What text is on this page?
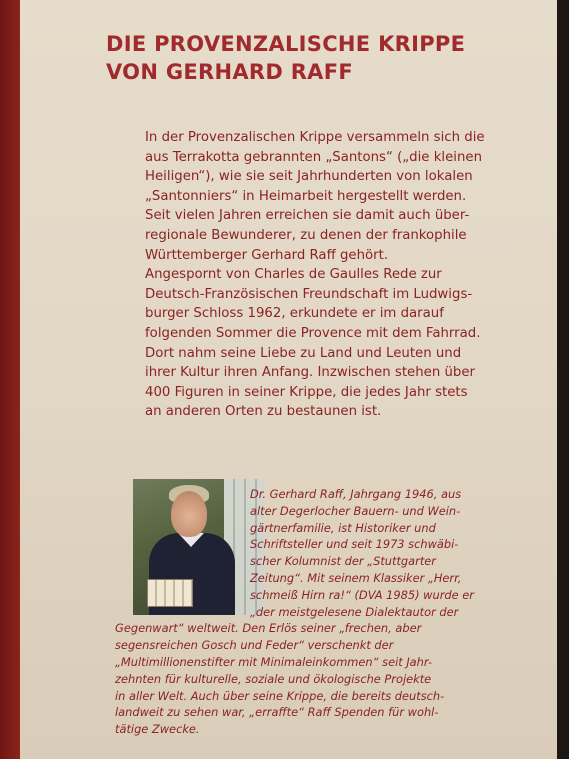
DIE PROVENZALISCHE KRIPPE
VON GERHARD RAFF

In der Provenzalischen Krippe versammeln sich die
aus Terrakotta gebrannten „Santons“ („die kleinen
Heiligen“), wie sie seit Jahrhunderten von lokalen
„Santonniers“ in Heimarbeit hergestellt werden.
Seit vielen Jahren erreichen sie damit auch über-
regionale Bewunderer, zu denen der frankophile
Württemberger Gerhard Raff gehört.
Angespornt von Charles de Gaulles Rede zur
Deutsch-Französischen Freundschaft im Ludwigs-
burger Schloss 1962, erkundete er im darauf
folgenden Sommer die Provence mit dem Fahrrad.
Dort nahm seine Liebe zu Land und Leuten und
ihrer Kultur ihren Anfang. Inzwischen stehen über
400 Figuren in seiner Krippe, die jedes Jahr stets
an anderen Orten zu bestaunen ist.

Dr. Gerhard Raff, Jahrgang 1946, aus
alter Degerlocher Bauern- und Wein-
gärtnerfamilie, ist Historiker und
Schriftsteller und seit 1973 schwäbi-
scher Kolumnist der „Stuttgarter
Zeitung“. Mit seinem Klassiker „Herr,
schmeiß Hirn ra!“ (DVA 1985) wurde er
„der meistgelesene Dialektautor der
Gegenwart“ weltweit. Den Erlös seiner „frechen, aber
segensreichen Gosch und Feder“ verschenkt der
„Multimillionenstifter mit Minimaleinkommen“ seit Jahr-
zehnten für kulturelle, soziale und ökologische Projekte
in aller Welt. Auch über seine Krippe, die bereits deutsch-
landweit zu sehen war, „erraffte“ Raff Spenden für wohl-
tätige Zwecke.
